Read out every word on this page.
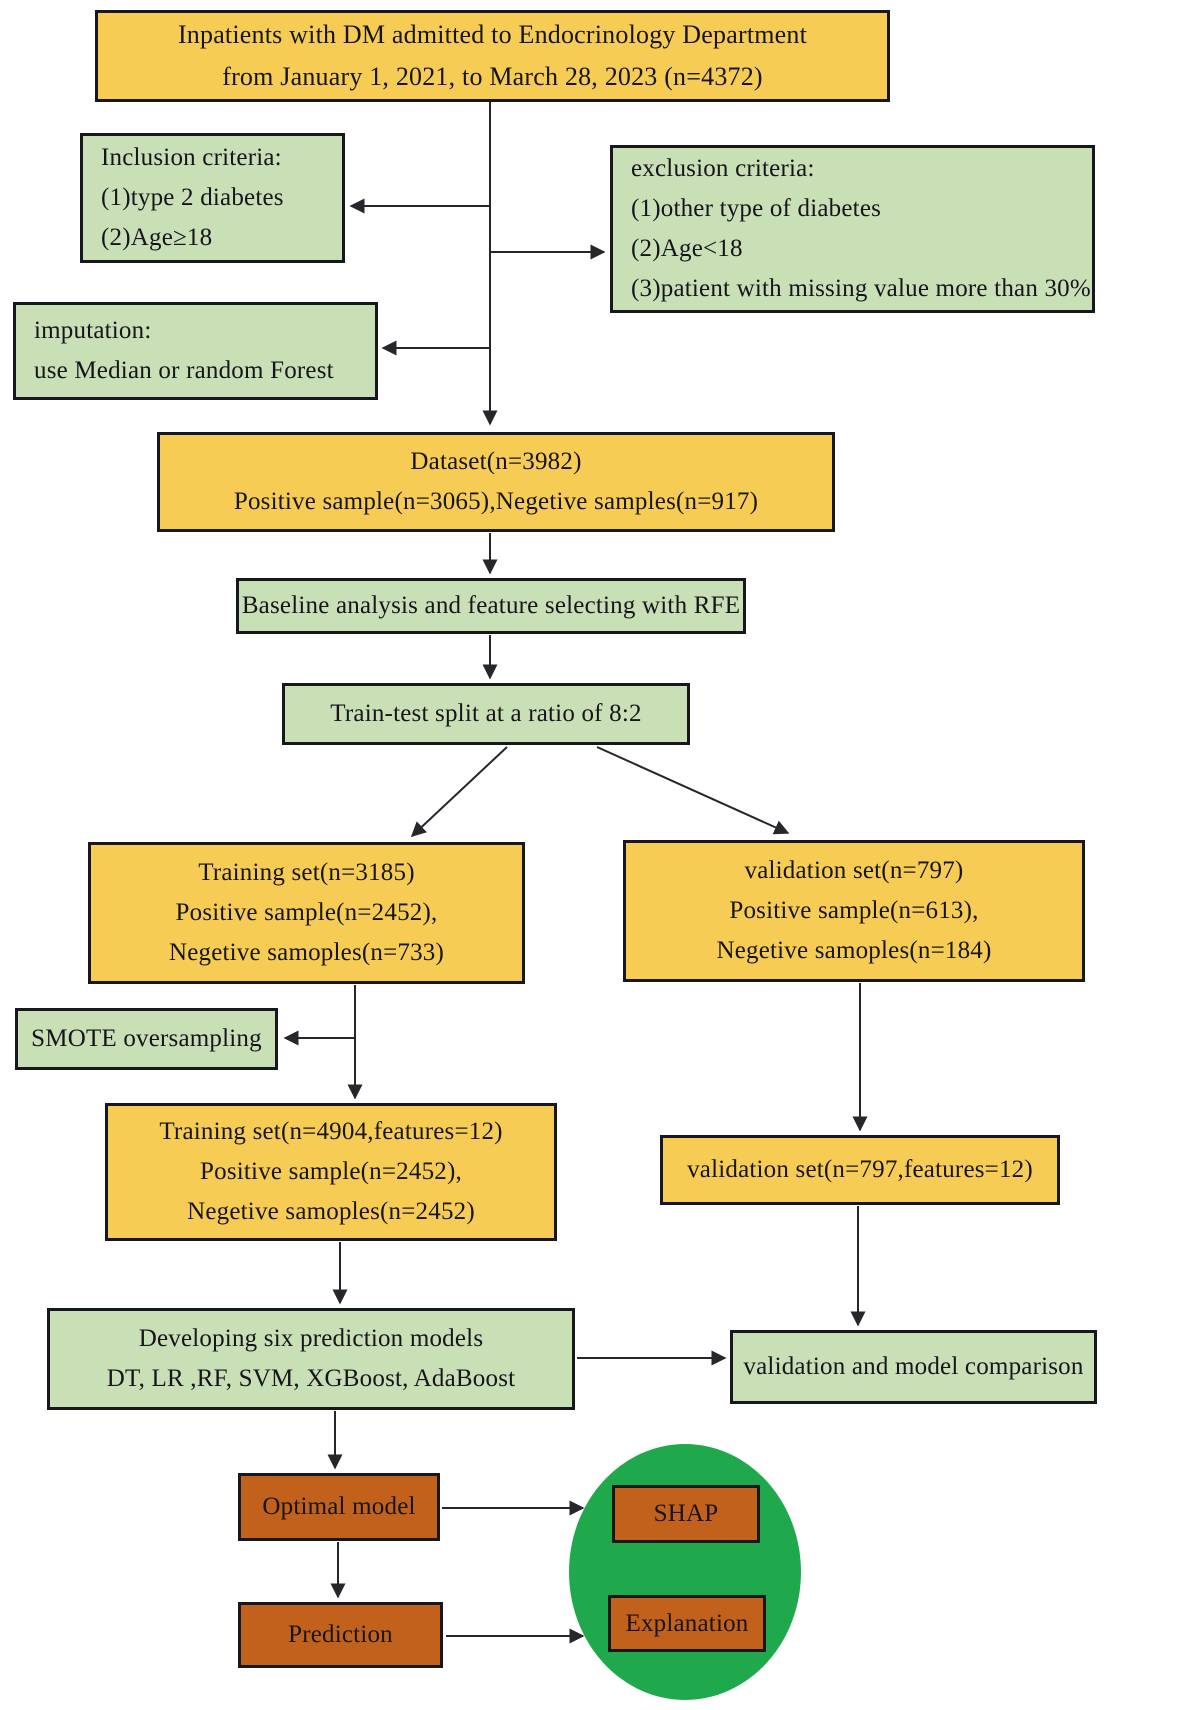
Inpatients with DM admitted to Endocrinology Department
from January 1, 2021, to March 28, 2023 (n=4372)
Inclusion criteria:
(1)type 2 diabetes
(2)Age≥18
exclusion criteria:
(1)other type of diabetes
(2)Age<18
(3)patient with missing value more than 30%
imputation:
use Median or random Forest
Dataset(n=3982)
Positive sample(n=3065),Negetive samples(n=917)
Baseline analysis and feature selecting with RFE
Train-test split at a ratio of 8:2
Training set(n=3185)
Positive sample(n=2452),
Negetive samoples(n=733)
validation set(n=797)
Positive sample(n=613),
Negetive samoples(n=184)
SMOTE oversampling
Training set(n=4904,features=12)
Positive sample(n=2452),
Negetive samoples(n=2452)
validation set(n=797,features=12)
Developing six prediction models
DT, LR ,RF, SVM, XGBoost, AdaBoost	validation and model comparison
Optimal model
Prediction
SHAP
Explanation
